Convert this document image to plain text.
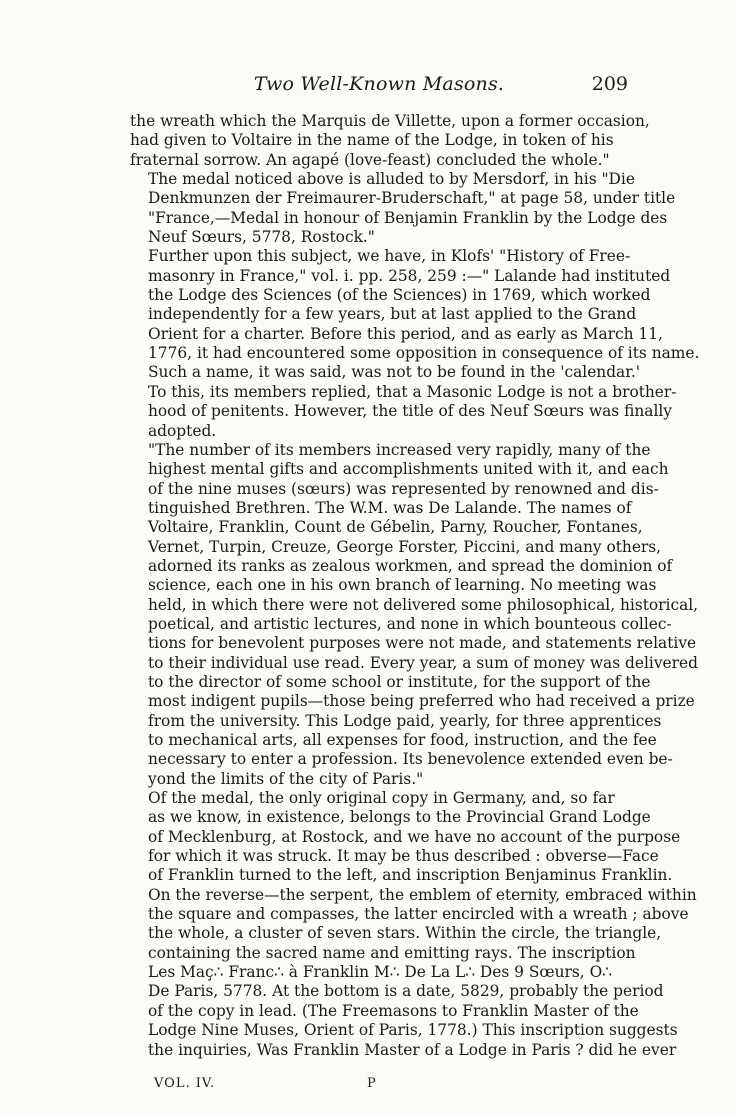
Two Well-Known Masons.	209

the wreath which the Marquis de Villette, upon a former occasion,
had given to Voltaire in the name of the Lodge, in token of his
fraternal sorrow. An agapé (love-feast) concluded the whole."

The medal noticed above is alluded to by Mersdorf, in his "Die
Denkmunzen der Freimaurer-Bruderschaft," at page 58, under title
"France,—Medal in honour of Benjamin Franklin by the Lodge des
Neuf Sœurs, 5778, Rostock."

Further upon this subject, we have, in Klofs' "History of Free-
masonry in France," vol. i. pp. 258, 259 :—" Lalande had instituted
the Lodge des Sciences (of the Sciences) in 1769, which worked
independently for a few years, but at last applied to the Grand
Orient for a charter. Before this period, and as early as March 11,
1776, it had encountered some opposition in consequence of its name.
Such a name, it was said, was not to be found in the 'calendar.'
To this, its members replied, that a Masonic Lodge is not a brother-
hood of penitents. However, the title of des Neuf Sœurs was finally
adopted.

"The number of its members increased very rapidly, many of the
highest mental gifts and accomplishments united with it, and each
of the nine muses (sœurs) was represented by renowned and dis-
tinguished Brethren. The W.M. was De Lalande. The names of
Voltaire, Franklin, Count de Gébelin, Parny, Roucher, Fontanes,
Vernet, Turpin, Creuze, George Forster, Piccini, and many others,
adorned its ranks as zealous workmen, and spread the dominion of
science, each one in his own branch of learning. No meeting was
held, in which there were not delivered some philosophical, historical,
poetical, and artistic lectures, and none in which bounteous collec-
tions for benevolent purposes were not made, and statements relative
to their individual use read. Every year, a sum of money was delivered
to the director of some school or institute, for the support of the
most indigent pupils—those being preferred who had received a prize
from the university. This Lodge paid, yearly, for three apprentices
to mechanical arts, all expenses for food, instruction, and the fee
necessary to enter a profession. Its benevolence extended even be-
yond the limits of the city of Paris."

Of the medal, the only original copy in Germany, and, so far
as we know, in existence, belongs to the Provincial Grand Lodge
of Mecklenburg, at Rostock, and we have no account of the purpose
for which it was struck. It may be thus described : obverse—Face
of Franklin turned to the left, and inscription Benjaminus Franklin.
On the reverse—the serpent, the emblem of eternity, embraced within
the square and compasses, the latter encircled with a wreath ; above
the whole, a cluster of seven stars. Within the circle, the triangle,
containing the sacred name and emitting rays. The inscription
Les Maç∴ Franc∴ à Franklin M∴ De La L∴ Des 9 Sœurs, O∴
De Paris, 5778. At the bottom is a date, 5829, probably the period
of the copy in lead. (The Freemasons to Franklin Master of the
Lodge Nine Muses, Orient of Paris, 1778.) This inscription suggests
the inquiries, Was Franklin Master of a Lodge in Paris ? did he ever

VOL. IV.	P
